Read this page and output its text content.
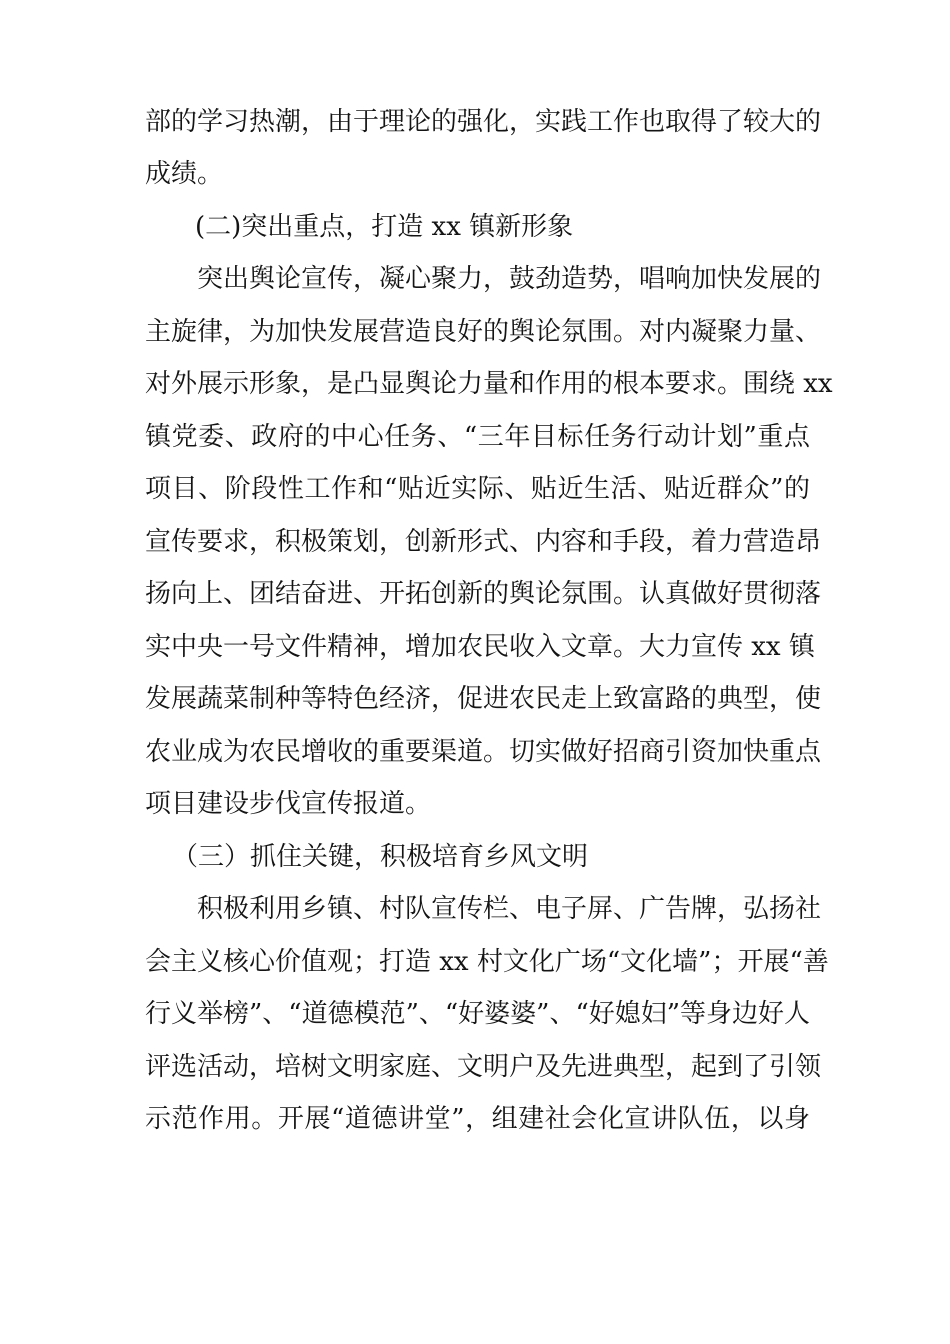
部的学习热潮，由于理论的强化，实践工作也取得了较大的
成绩。
(二)突出重点，打造 xx 镇新形象
突出舆论宣传，凝心聚力，鼓劲造势，唱响加快发展的
主旋律，为加快发展营造良好的舆论氛围。对内凝聚力量、
对外展示形象，是凸显舆论力量和作用的根本要求。围绕 xx
镇党委、政府的中心任务、“三年目标任务行动计划”重点
项目、阶段性工作和“贴近实际、贴近生活、贴近群众”的
宣传要求，积极策划，创新形式、内容和手段，着力营造昂
扬向上、团结奋进、开拓创新的舆论氛围。认真做好贯彻落
实中央一号文件精神，增加农民收入文章。大力宣传 xx 镇
发展蔬菜制种等特色经济，促进农民走上致富路的典型，使
农业成为农民增收的重要渠道。切实做好招商引资加快重点
项目建设步伐宣传报道。
（三）抓住关键，积极培育乡风文明
积极利用乡镇、村队宣传栏、电子屏、广告牌，弘扬社
会主义核心价值观；打造 xx 村文化广场“文化墙”；开展“善
行义举榜”、“道德模范”、“好婆婆”、“好媳妇”等身边好人
评选活动，培树文明家庭、文明户及先进典型，起到了引领
示范作用。开展“道德讲堂”，组建社会化宣讲队伍，以身
